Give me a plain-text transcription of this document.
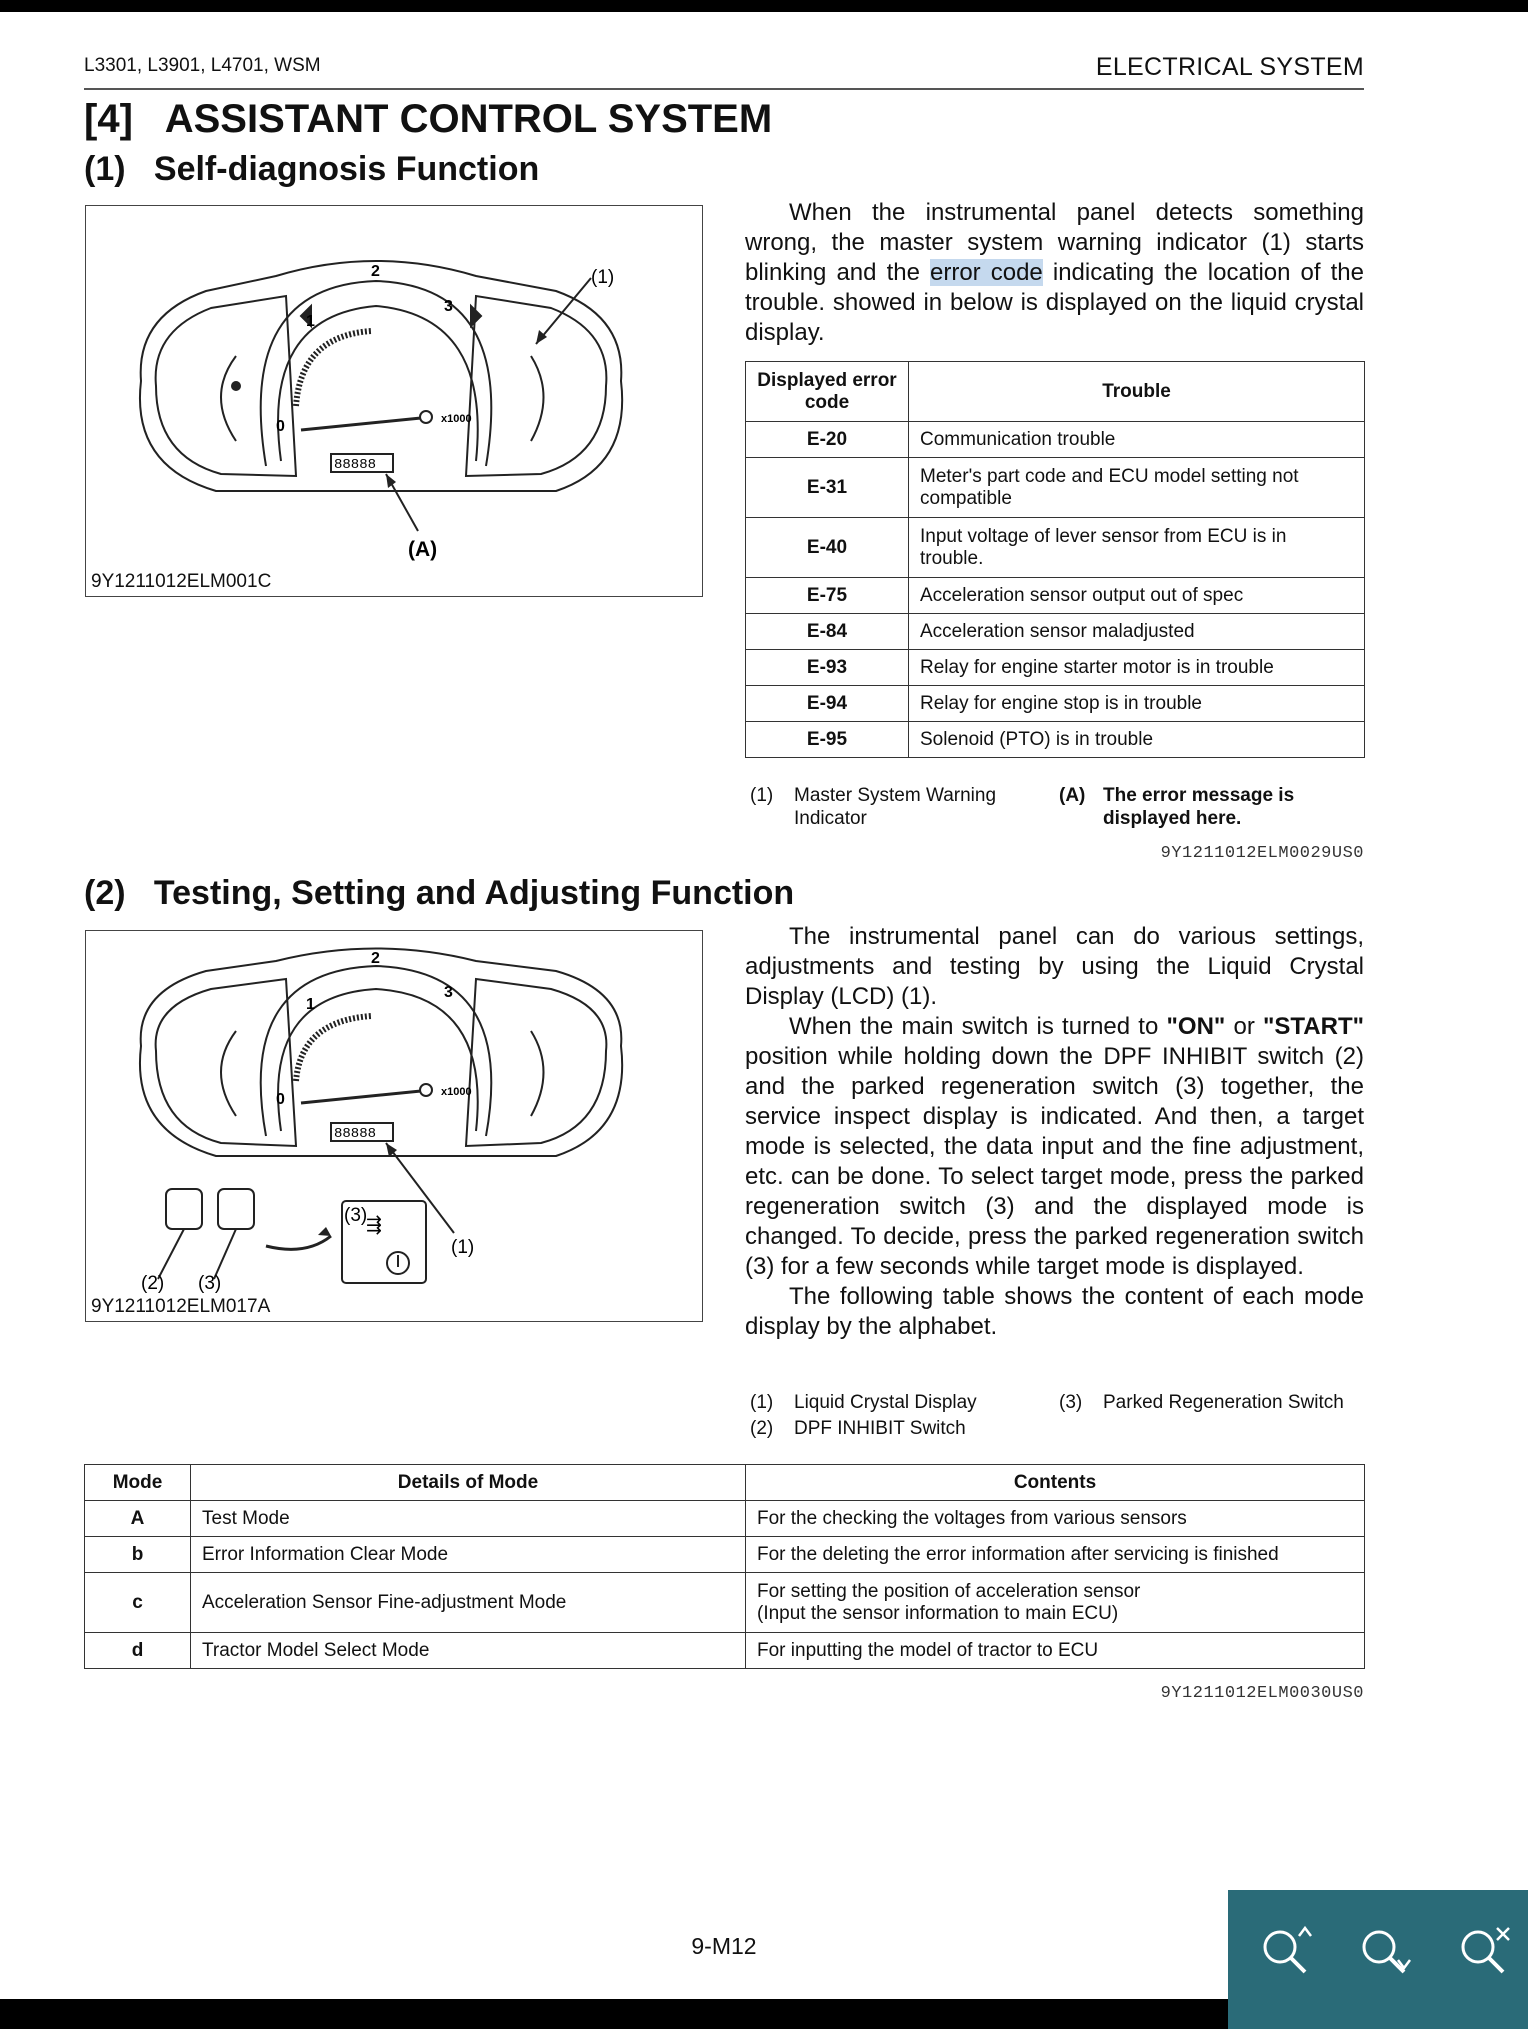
L3301, L3901, L4701, WSM	ELECTRICAL SYSTEM
[4]   ASSISTANT CONTROL SYSTEM
(1)   Self-diagnosis Function
88888
x1000
2
1
3
0
(A)
(1)
9Y1211012ELM001C

When the instrumental panel detects something wrong, the master system warning indicator (1) starts blinking and the error code indicating the location of the trouble. showed in below is displayed on the liquid crystal display.

Displayed error code	Trouble
E-20	Communication trouble
E-31	Meter's part code and ECU model setting not compatible
E-40	Input voltage of lever sensor from ECU is in trouble.
E-75	Acceleration sensor output out of spec
E-84	Acceleration sensor maladjusted
E-93	Relay for engine starter motor is in trouble
E-94	Relay for engine stop is in trouble
E-95	Solenoid (PTO) is in trouble
(1) Master System Warning Indicator
(A) The error message is displayed here.
9Y1211012ELM0029US0
(2)   Testing, Setting and Adjusting Function
88888
x1000
2
1
3
0
⇶
(2) (3)
(3)
(1)
9Y1211012ELM017A

The instrumental panel can do various settings, adjustments and testing by using the Liquid Crystal Display (LCD) (1).

When the main switch is turned to "ON" or "START" position while holding down the DPF INHIBIT switch (2) and the parked regeneration switch (3) together, the service inspect display is indicated. And then, a target mode is selected, the data input and the fine adjustment, etc. can be done. To select target mode, press the parked regeneration switch (3) and the displayed mode is changed. To decide, press the parked regeneration switch (3) for a few seconds while target mode is displayed.

The following table shows the content of each mode display by the alphabet.

(1) Liquid Crystal Display
(2) DPF INHIBIT Switch
(3) Parked Regeneration Switch
Mode	Details of Mode	Contents
A	Test Mode	For the checking the voltages from various sensors
b	Error Information Clear Mode	For the deleting the error information after servicing is finished
c	Acceleration Sensor Fine-adjustment Mode	For setting the position of acceleration sensor
(Input the sensor information to main ECU)
d	Tractor Model Select Mode	For inputting the model of tractor to ECU
9Y1211012ELM0030US0
9-M12
